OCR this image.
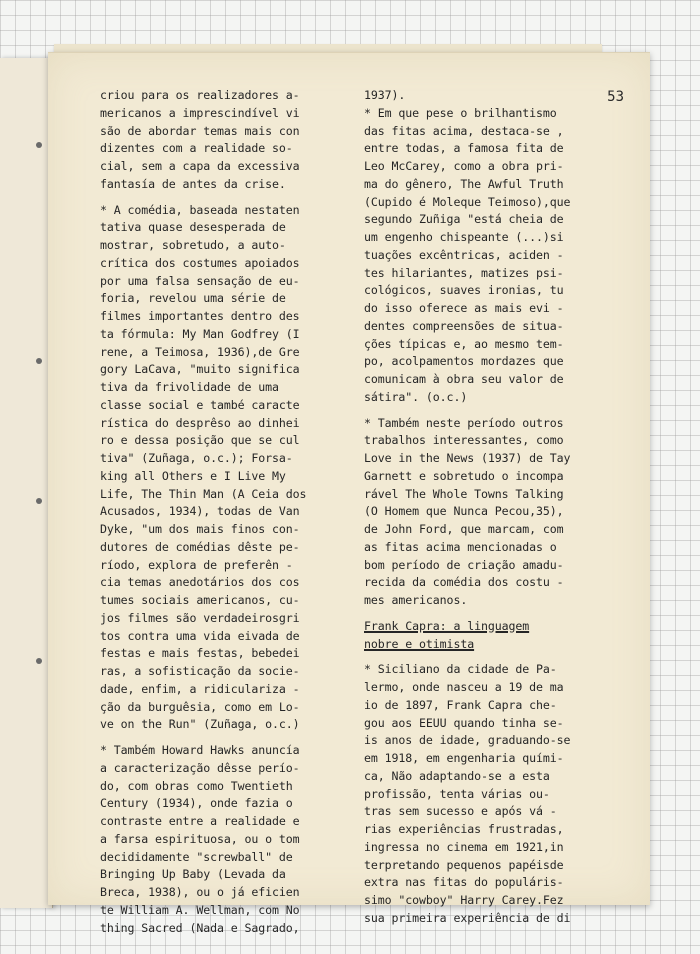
53
criou para os realizadores a-
mericanos a imprescindível vi
são de abordar temas mais con
dizentes com a realidade so-
cial, sem a capa da excessiva
fantasía de antes da crise.
* A comédia, baseada nestaten
tativa quase desesperada de
mostrar, sobretudo, a auto-
crítica dos costumes apoiados
por uma falsa sensação de eu-
foria, revelou uma série de
filmes importantes dentro des
ta fórmula: My Man Godfrey (I
rene, a Teimosa, 1936),de Gre
gory LaCava, "muito significa
tiva da frivolidade de uma
classe social e també caracte
rística do desprêso ao dinhei
ro e dessa posição que se cul
tiva" (Zuñaga, o.c.); Forsa-
king all Others e I Live My
Life, The Thin Man (A Ceia dos
Acusados, 1934), todas de Van
Dyke, "um dos mais finos con-
dutores de comédias dêste pe-
ríodo, explora de preferên -
cia temas anedotários dos cos
tumes sociais americanos, cu-
jos filmes são verdadeirosgri
tos contra uma vida eivada de
festas e mais festas, bebedei
ras, a sofisticação da socie-
dade, enfim, a ridiculariza -
ção da burguêsia, como em Lo-
ve on the Run" (Zuñaga, o.c.)
* Também Howard Hawks anuncía
a caracterização dêsse perío-
do, com obras como Twentieth
Century (1934), onde fazia o
contraste entre a realidade e
a farsa espirituosa, ou o tom
decididamente "screwball" de
Bringing Up Baby (Levada da
Breca, 1938), ou o já eficien
te William A. Wellman, com No
thing Sacred (Nada e Sagrado,
1937).
* Em que pese o brilhantismo
das fitas acima, destaca-se ,
entre todas, a famosa fita de
Leo McCarey, como a obra pri-
ma do gênero, The Awful Truth
(Cupido é Moleque Teimoso),que
segundo Zuñiga "está cheia de
um engenho chispeante (...)si
tuações excêntricas, aciden -
tes hilariantes, matizes psi-
cológicos, suaves ironias, tu
do isso oferece as mais evi -
dentes compreensões de situa-
ções típicas e, ao mesmo tem-
po, acolpamentos mordazes que
comunicam à obra seu valor de
sátira". (o.c.)
* Também neste período outros
trabalhos interessantes, como
Love in the News (1937) de Tay
Garnett e sobretudo o incompa
rável The Whole Towns Talking
(O Homem que Nunca Pecou,35),
de John Ford, que marcam, com
as fitas acima mencionadas o
bom período de criação amadu-
recida da comédia dos costu -
mes americanos.
Frank Capra: a linguagem
nobre e otimista
* Siciliano da cidade de Pa-
lermo, onde nasceu a 19 de ma
io de 1897, Frank Capra che-
gou aos EEUU quando tinha se-
is anos de idade, graduando-se
em 1918, em engenharia quími-
ca, Não adaptando-se a esta
profissão, tenta várias ou-
tras sem sucesso e após vá -
rias experiências frustradas,
ingressa no cinema em 1921,in
terpretando pequenos papéisde
extra nas fitas do populáris-
simo "cowboy" Harry Carey.Fez
sua primeira experiência de di
